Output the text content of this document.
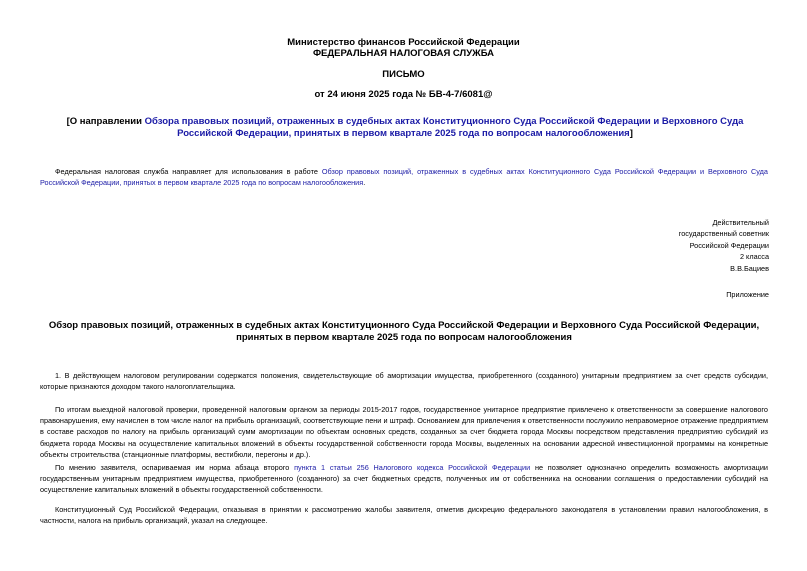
Министерство финансов Российской Федерации
ФЕДЕРАЛЬНАЯ НАЛОГОВАЯ СЛУЖБА
ПИСЬМО
от 24 июня 2025 года № БВ-4-7/6081@
[О направлении Обзора правовых позиций, отраженных в судебных актах Конституционного Суда Российской Федерации и Верховного Суда Российской Федерации, принятых в первом квартале 2025 года по вопросам налогообложения]
Федеральная налоговая служба направляет для использования в работе Обзор правовых позиций, отраженных в судебных актах Конституционного Суда Российской Федерации и Верховного Суда Российской Федерации, принятых в первом квартале 2025 года по вопросам налогообложения.
Действительный
государственный советник
Российской Федерации
2 класса
В.В.Бациев
Приложение
Обзор правовых позиций, отраженных в судебных актах Конституционного Суда Российской Федерации и Верховного Суда Российской Федерации, принятых в первом квартале 2025 года по вопросам налогообложения
1. В действующем налоговом регулировании содержатся положения, свидетельствующие об амортизации имущества, приобретенного (созданного) унитарным предприятием за счет средств субсидии, которые признаются доходом такого налогоплательщика.
По итогам выездной налоговой проверки, проведенной налоговым органом за периоды 2015-2017 годов, государственное унитарное предприятие привлечено к ответственности за совершение налогового правонарушения, ему начислен в том числе налог на прибыль организаций, соответствующие пени и штраф. Основанием для привлечения к ответственности послужило неправомерное отражение предприятием в составе расходов по налогу на прибыль организаций сумм амортизации по объектам основных средств, созданных за счет бюджета города Москвы посредством представления предприятию субсидий из бюджета города Москвы на осуществление капитальных вложений в объекты государственной собственности города Москвы, выделенных на основании адресной инвестиционной программы на конкретные объекты строительства (станционные платформы, вестибюли, перегоны и др.).
По мнению заявителя, оспариваемая им норма абзаца второго пункта 1 статьи 256 Налогового кодекса Российской Федерации не позволяет однозначно определить возможность амортизации государственным унитарным предприятием имущества, приобретенного (созданного) за счет бюджетных средств, полученных им от собственника на основании соглашения о предоставлении субсидий на осуществление капитальных вложений в объекты государственной собственности.
Конституционный Суд Российской Федерации, отказывая в принятии к рассмотрению жалобы заявителя, отметив дискрецию федерального законодателя в установлении правил налогообложения, в частности, налога на прибыль организаций, указал на следующее.
